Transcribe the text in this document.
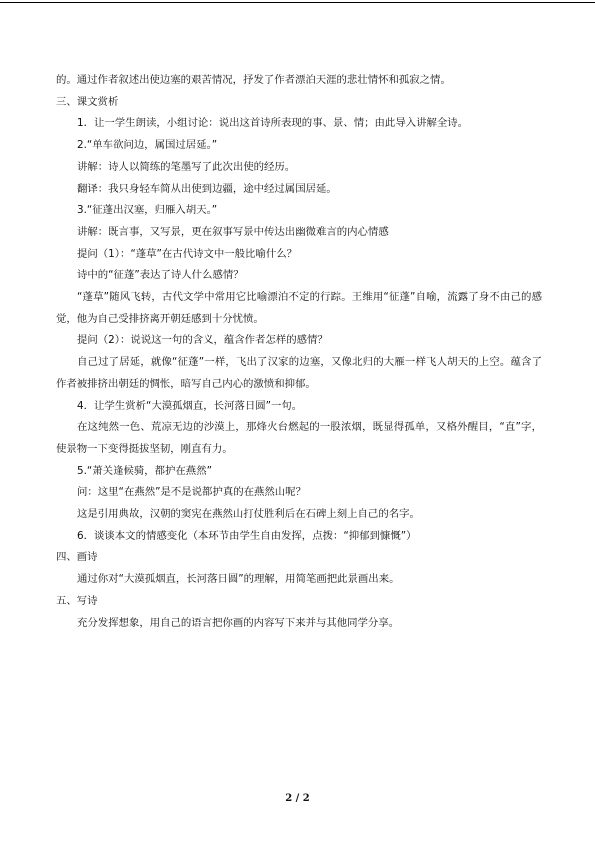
的。通过作者叙述出使边塞的艰苦情况，抒发了作者漂泊天涯的悲壮情怀和孤寂之情。

三、课文赏析

1．让一学生朗读，小组讨论：说出这首诗所表现的事、景、情；由此导入讲解全诗。

2.“单车欲问边，属国过居延。”

讲解：诗人以简练的笔墨写了此次出使的经历。

翻译：我只身轻车简从出使到边疆，途中经过属国居延。

3.“征蓬出汉塞，归雁入胡天。”

讲解：既言事，又写景，更在叙事写景中传达出幽微难言的内心情感

提问（1）：“蓬草”在古代诗文中一般比喻什么？

诗中的“征蓬”表达了诗人什么感情？

“蓬草”随风飞转，古代文学中常用它比喻漂泊不定的行踪。王维用“征蓬”自喻，流露了身不由己的感觉，他为自己受排挤离开朝廷感到十分忧愤。

提问（2）：说说这一句的含义，蕴含作者怎样的感情？

自己过了居延，就像“征蓬”一样，飞出了汉家的边塞，又像北归的大雁一样飞人胡天的上空。蕴含了作者被排挤出朝廷的惆怅，暗写自己内心的激愤和抑郁。

4．让学生赏析“大漠孤烟直，长河落日圆”一句。

在这纯然一色、荒凉无边的沙漠上，那烽火台燃起的一股浓烟，既显得孤单，又格外醒目，“直”字，使景物一下变得挺拔坚韧，刚直有力。

5.“萧关逢候骑，都护在燕然”

问：这里“在燕然”是不是说都护真的在燕然山呢？

这是引用典故，汉朝的窦宪在燕然山打仗胜利后在石碑上刻上自己的名字。

6．谈谈本文的情感变化（本环节由学生自由发挥，点拨：“抑郁到慷慨”）

四、画诗

通过你对“大漠孤烟直，长河落日圆”的理解，用简笔画把此景画出来。

五、写诗

充分发挥想象，用自己的语言把你画的内容写下来并与其他同学分享。

2 / 2
